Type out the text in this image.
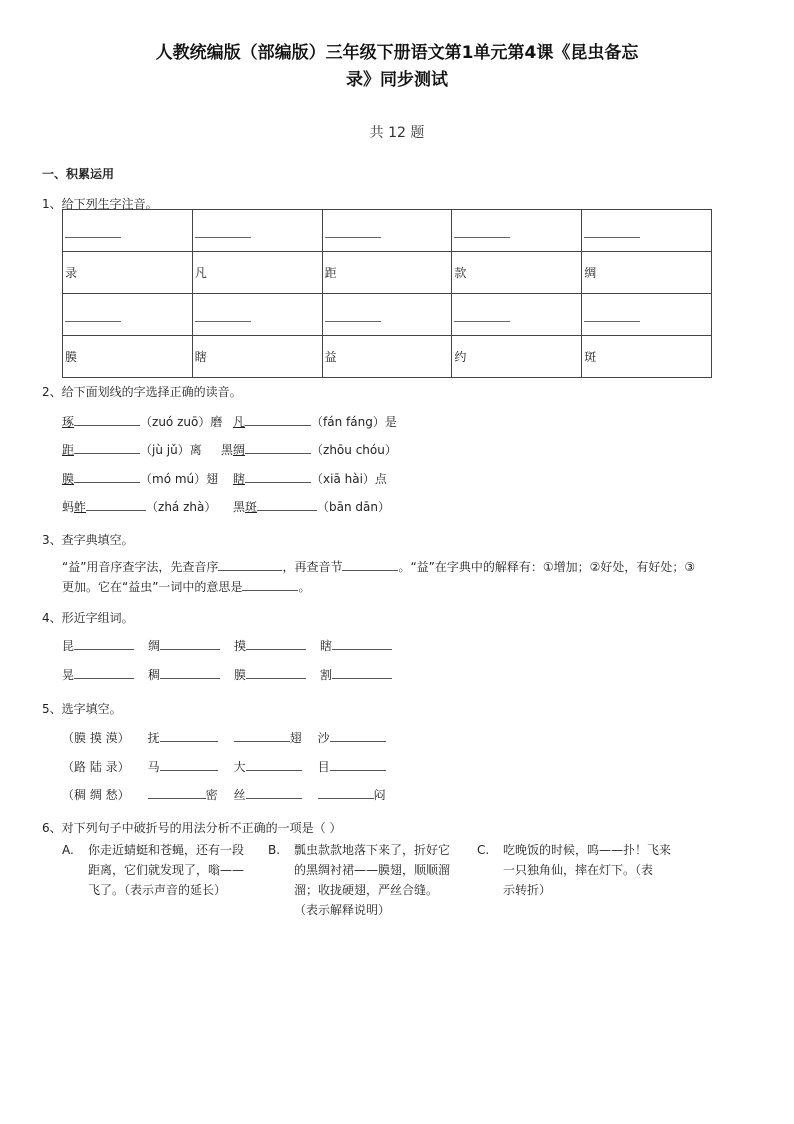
人教统编版（部编版）三年级下册语文第1单元第4课《昆虫备忘
录》同步测试
共 12 题
一、积累运用
1、给下列生字注音。

录	凡	距	款	绸

膜	瞎	益	约	斑
2、给下面划线的字选择正确的读音。
琢	（zuó zuō）磨 凡	（fán fáng）是
距	（jù jǔ）离 黑绸	（zhōu chóu）
膜	（mó mú）翅 瞎	（xiā hài）点
蚂蚱	（zhá zhà） 黑斑	（bān dān）
3、查字典填空。
“益”用音序查字法，先查音序	，再查音节	。“益”在字典中的解释有：①增加；②好处，有好处；③
更加。它在“益虫”一词中的意思是	。
4、形近字组词。
昆	绸	摸	瞎
晃	稠	膜	割
5、选字填空。
（膜 摸 漠） 抚	翅 沙
（路 陆 录） 马	大	目
（稠 绸 愁）	密 丝	闷
6、对下列句子中破折号的用法分析不正确的一项是（ ）
A. 你走近蜻蜓和苍蝇，还有一段
距离，它们就发现了，嗡——
飞了。（表示声音的延长）
B. 瓢虫款款地落下来了，折好它
的黑绸衬裙——膜翅，顺顺溜
溜；收拢硬翅，严丝合缝。
（表示解释说明）
C. 吃晚饭的时候，呜——扑！飞来
一只独角仙，摔在灯下。（表
示转折）
